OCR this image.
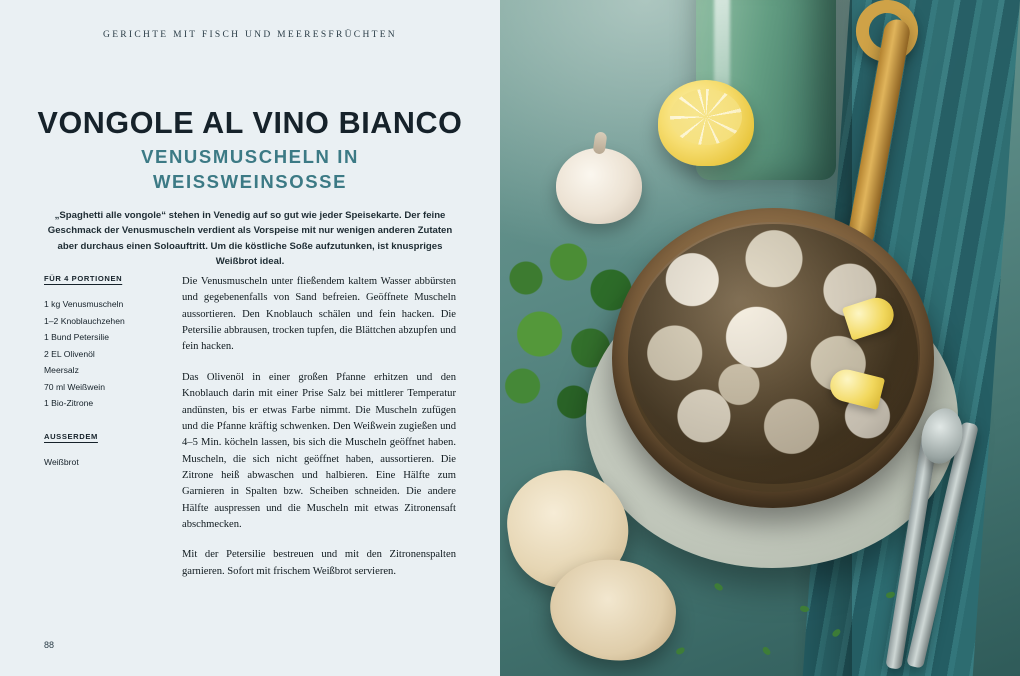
GERICHTE MIT FISCH UND MEERESFRÜCHTEN
VONGOLE AL VINO BIANCO
VENUSMUSCHELN IN WEISSWEINSOSSE

„Spaghetti alle vongole“ stehen in Venedig auf so gut wie jeder Speisekarte. Der feine Geschmack der Venusmuscheln verdient als Vorspeise mit nur wenigen anderen Zutaten aber durchaus einen Soloauftritt. Um die köstliche Soße aufzutunken, ist knuspriges Weißbrot ideal.

FÜR 4 PORTIONEN
1 kg Venusmuscheln
1–2 Knoblauchzehen
1 Bund Petersilie
2 EL Olivenöl
Meersalz
70 ml Weißwein
1 Bio-Zitrone
AUSSERDEM
Weißbrot

Die Venusmuscheln unter fließendem kaltem Wasser abbürsten und gegebenenfalls von Sand befreien. Geöffnete Muscheln aussortieren. Den Knoblauch schälen und fein hacken. Die Petersilie abbrausen, trocken tupfen, die Blättchen abzupfen und fein hacken.

Das Olivenöl in einer großen Pfanne erhitzen und den Knoblauch darin mit einer Prise Salz bei mittlerer Temperatur andünsten, bis er etwas Farbe nimmt. Die Muscheln zufügen und die Pfanne kräftig schwenken. Den Weißwein zugießen und 4–5 Min. köcheln lassen, bis sich die Muscheln geöffnet haben. Muscheln, die sich nicht geöffnet haben, aussortieren. Die Zitrone heiß abwaschen und halbieren. Eine Hälfte zum Garnieren in Spalten bzw. Scheiben schneiden. Die andere Hälfte auspressen und die Muscheln mit etwas Zitronensaft abschmecken.

Mit der Petersilie bestreuen und mit den Zitronenspalten garnieren. Sofort mit frischem Weißbrot servieren.

88
